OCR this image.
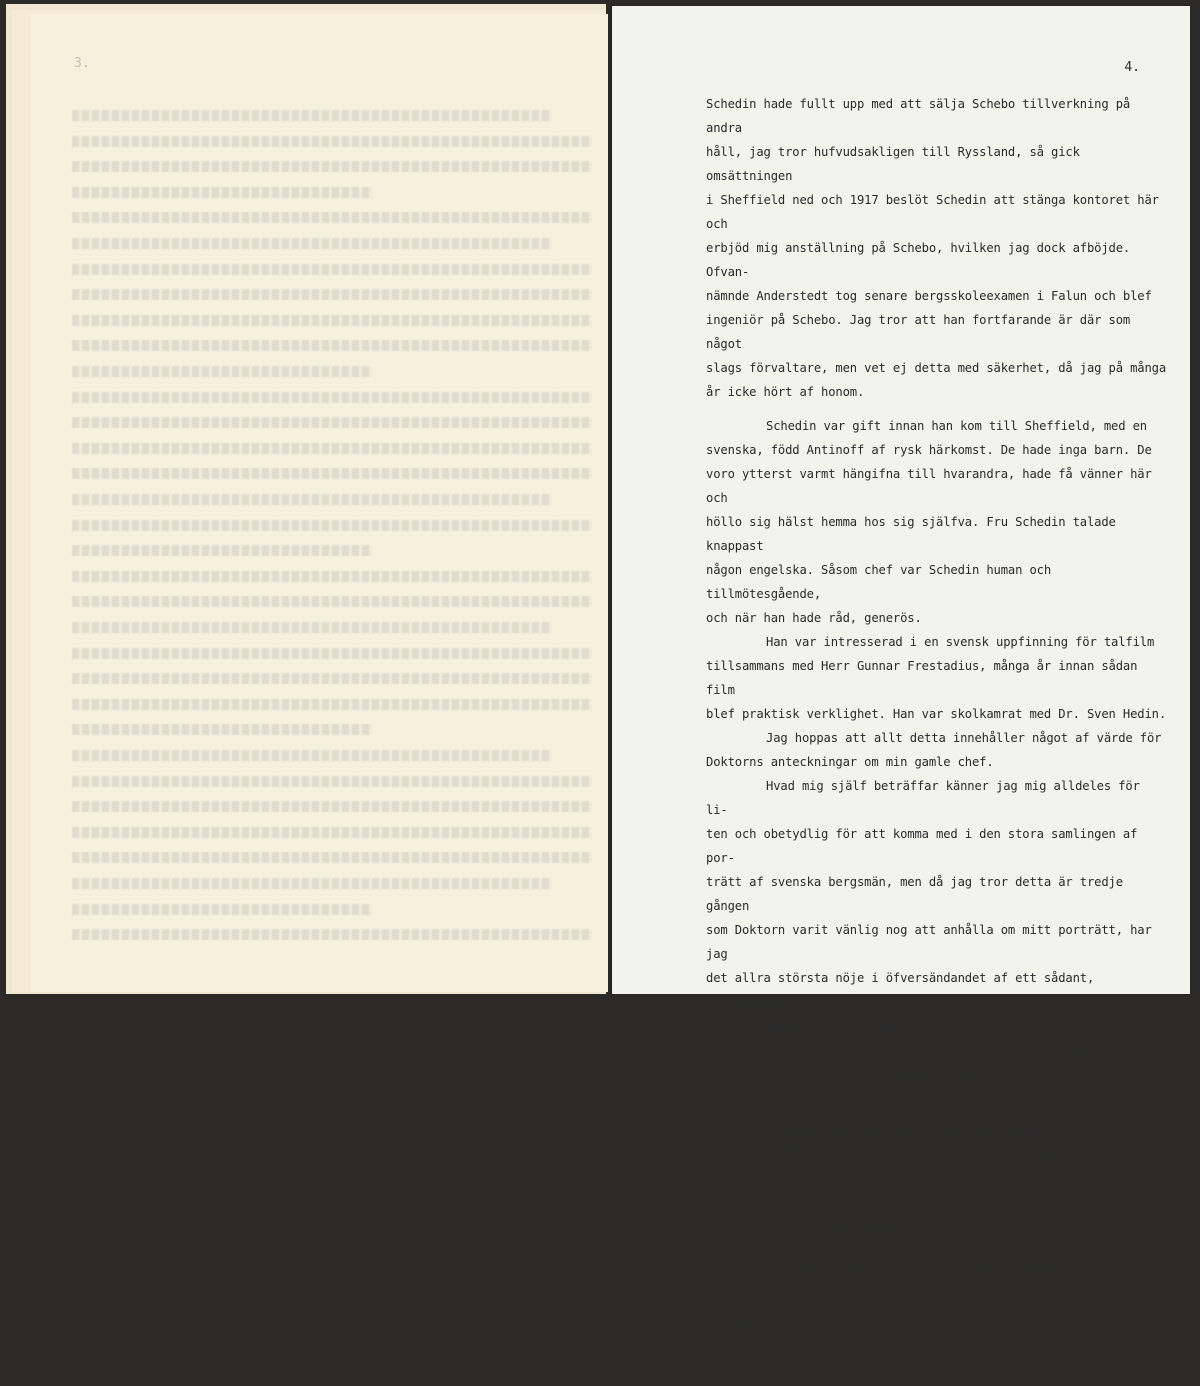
3.	4.

Schedin hade fullt upp med att sälja Schebo tillverkning på andra

håll, jag tror hufvudsakligen till Ryssland, så gick omsättningen

i Sheffield ned och 1917 beslöt Schedin att stänga kontoret här och

erbjöd mig anställning på Schebo, hvilken jag dock afböjde. Ofvan-

nämnde Anderstedt tog senare bergsskoleexamen i Falun och blef

ingeniör på Schebo. Jag tror att han fortfarande är där som något

slags förvaltare, men vet ej detta med säkerhet, då jag på många

år icke hört af honom.

Schedin var gift innan han kom till Sheffield, med en

svenska, född Antinoff af rysk härkomst. De hade inga barn. De

voro ytterst varmt hängifna till hvarandra, hade få vänner här och

höllo sig hälst hemma hos sig själfva. Fru Schedin talade knappast

någon engelska. Såsom chef var Schedin human och tillmötesgående,

och när han hade råd, generös.

Han var intresserad i en svensk uppfinning för talfilm

tillsammans med Herr Gunnar Frestadius, många år innan sådan film

blef praktisk verklighet. Han var skolkamrat med Dr. Sven Hedin.

Jag hoppas att allt detta innehåller något af värde för

Doktorns anteckningar om min gamle chef.

Hvad mig själf beträffar känner jag mig alldeles för li-

ten och obetydlig för att komma med i den stora samlingen af por-

trätt af svenska bergsmän, men då jag tror detta är tredje gången

som Doktorn varit vänlig nog att anhålla om mitt porträtt, har jag

det allra största nöje i öfversändandet af ett sådant, tillsammans

med följande biografiska uppgifter:-

Född i Laxå 11 juli 1892 (så står det i födelseboken i
Ramundeboda församling, men min far vidhöll alltid
att jag var född den 11 augusti).
Folkskola och privatskola i Laxå.
Anställning som kontorselev på Laxå Bruks kontor i Augusti
1906; korrespondent från 1 Januari 1907 till Septem-
ber 1911.
Hos G. Schedin i Sheffield från 1 Oktober 1911 till rörel-
sens upphörande 1917.
Chef för Ernst B. Westman Ltd's Sheffield-kontor från
1917. Local director i firman från 1925.

Med hopp om att Doktorn befinner sig vid god hälsa, och

med vänlig hälsning till Sune, har jag äran teckna

Med utmärkt högaktning

Axel E. Furustam."
